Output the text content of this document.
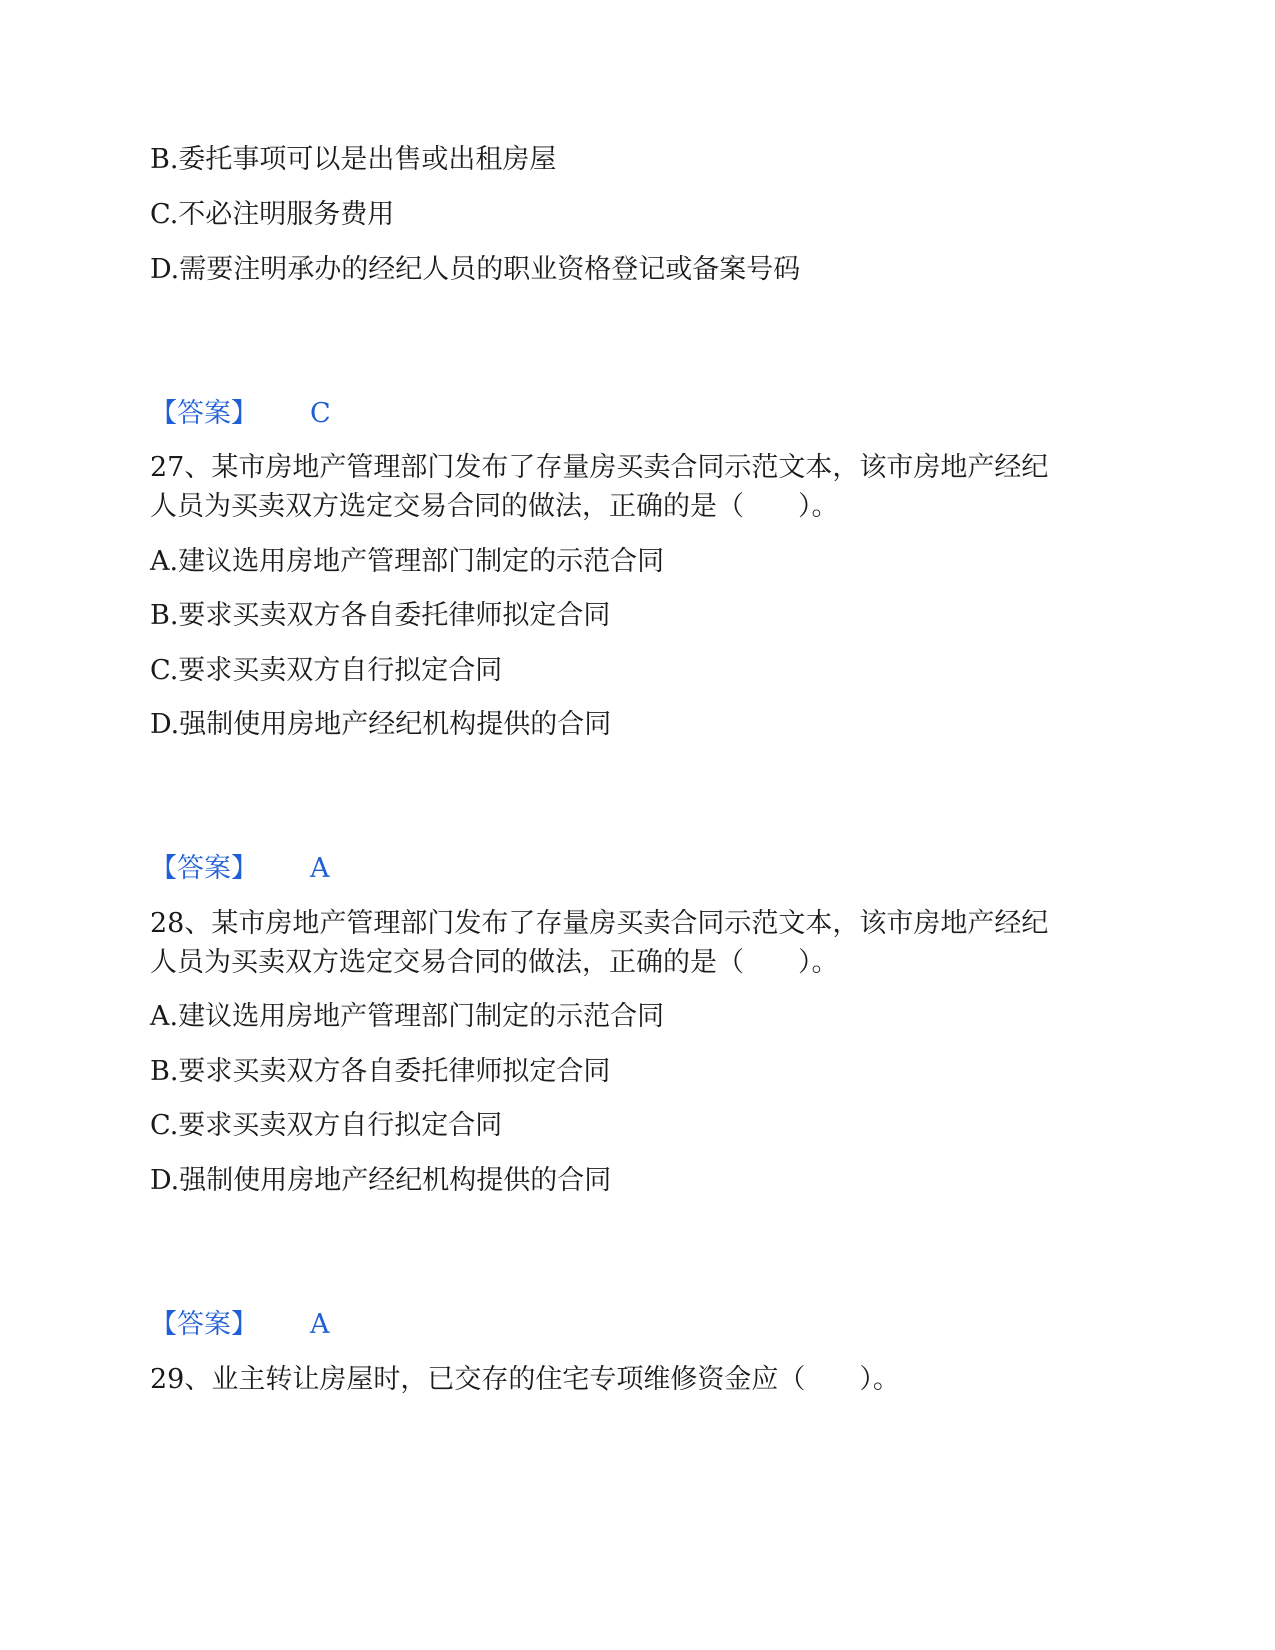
B.委托事项可以是出售或出租房屋
C.不必注明服务费用
D.需要注明承办的经纪人员的职业资格登记或备案号码
【答案】 C
27、某市房地产管理部门发布了存量房买卖合同示范文本，该市房地产经纪
人员为买卖双方选定交易合同的做法，正确的是（　　）。
A.建议选用房地产管理部门制定的示范合同
B.要求买卖双方各自委托律师拟定合同
C.要求买卖双方自行拟定合同
D.强制使用房地产经纪机构提供的合同
【答案】 A
28、某市房地产管理部门发布了存量房买卖合同示范文本，该市房地产经纪
人员为买卖双方选定交易合同的做法，正确的是（　　）。
A.建议选用房地产管理部门制定的示范合同
B.要求买卖双方各自委托律师拟定合同
C.要求买卖双方自行拟定合同
D.强制使用房地产经纪机构提供的合同
【答案】 A
29、业主转让房屋时，已交存的住宅专项维修资金应（　　）。
